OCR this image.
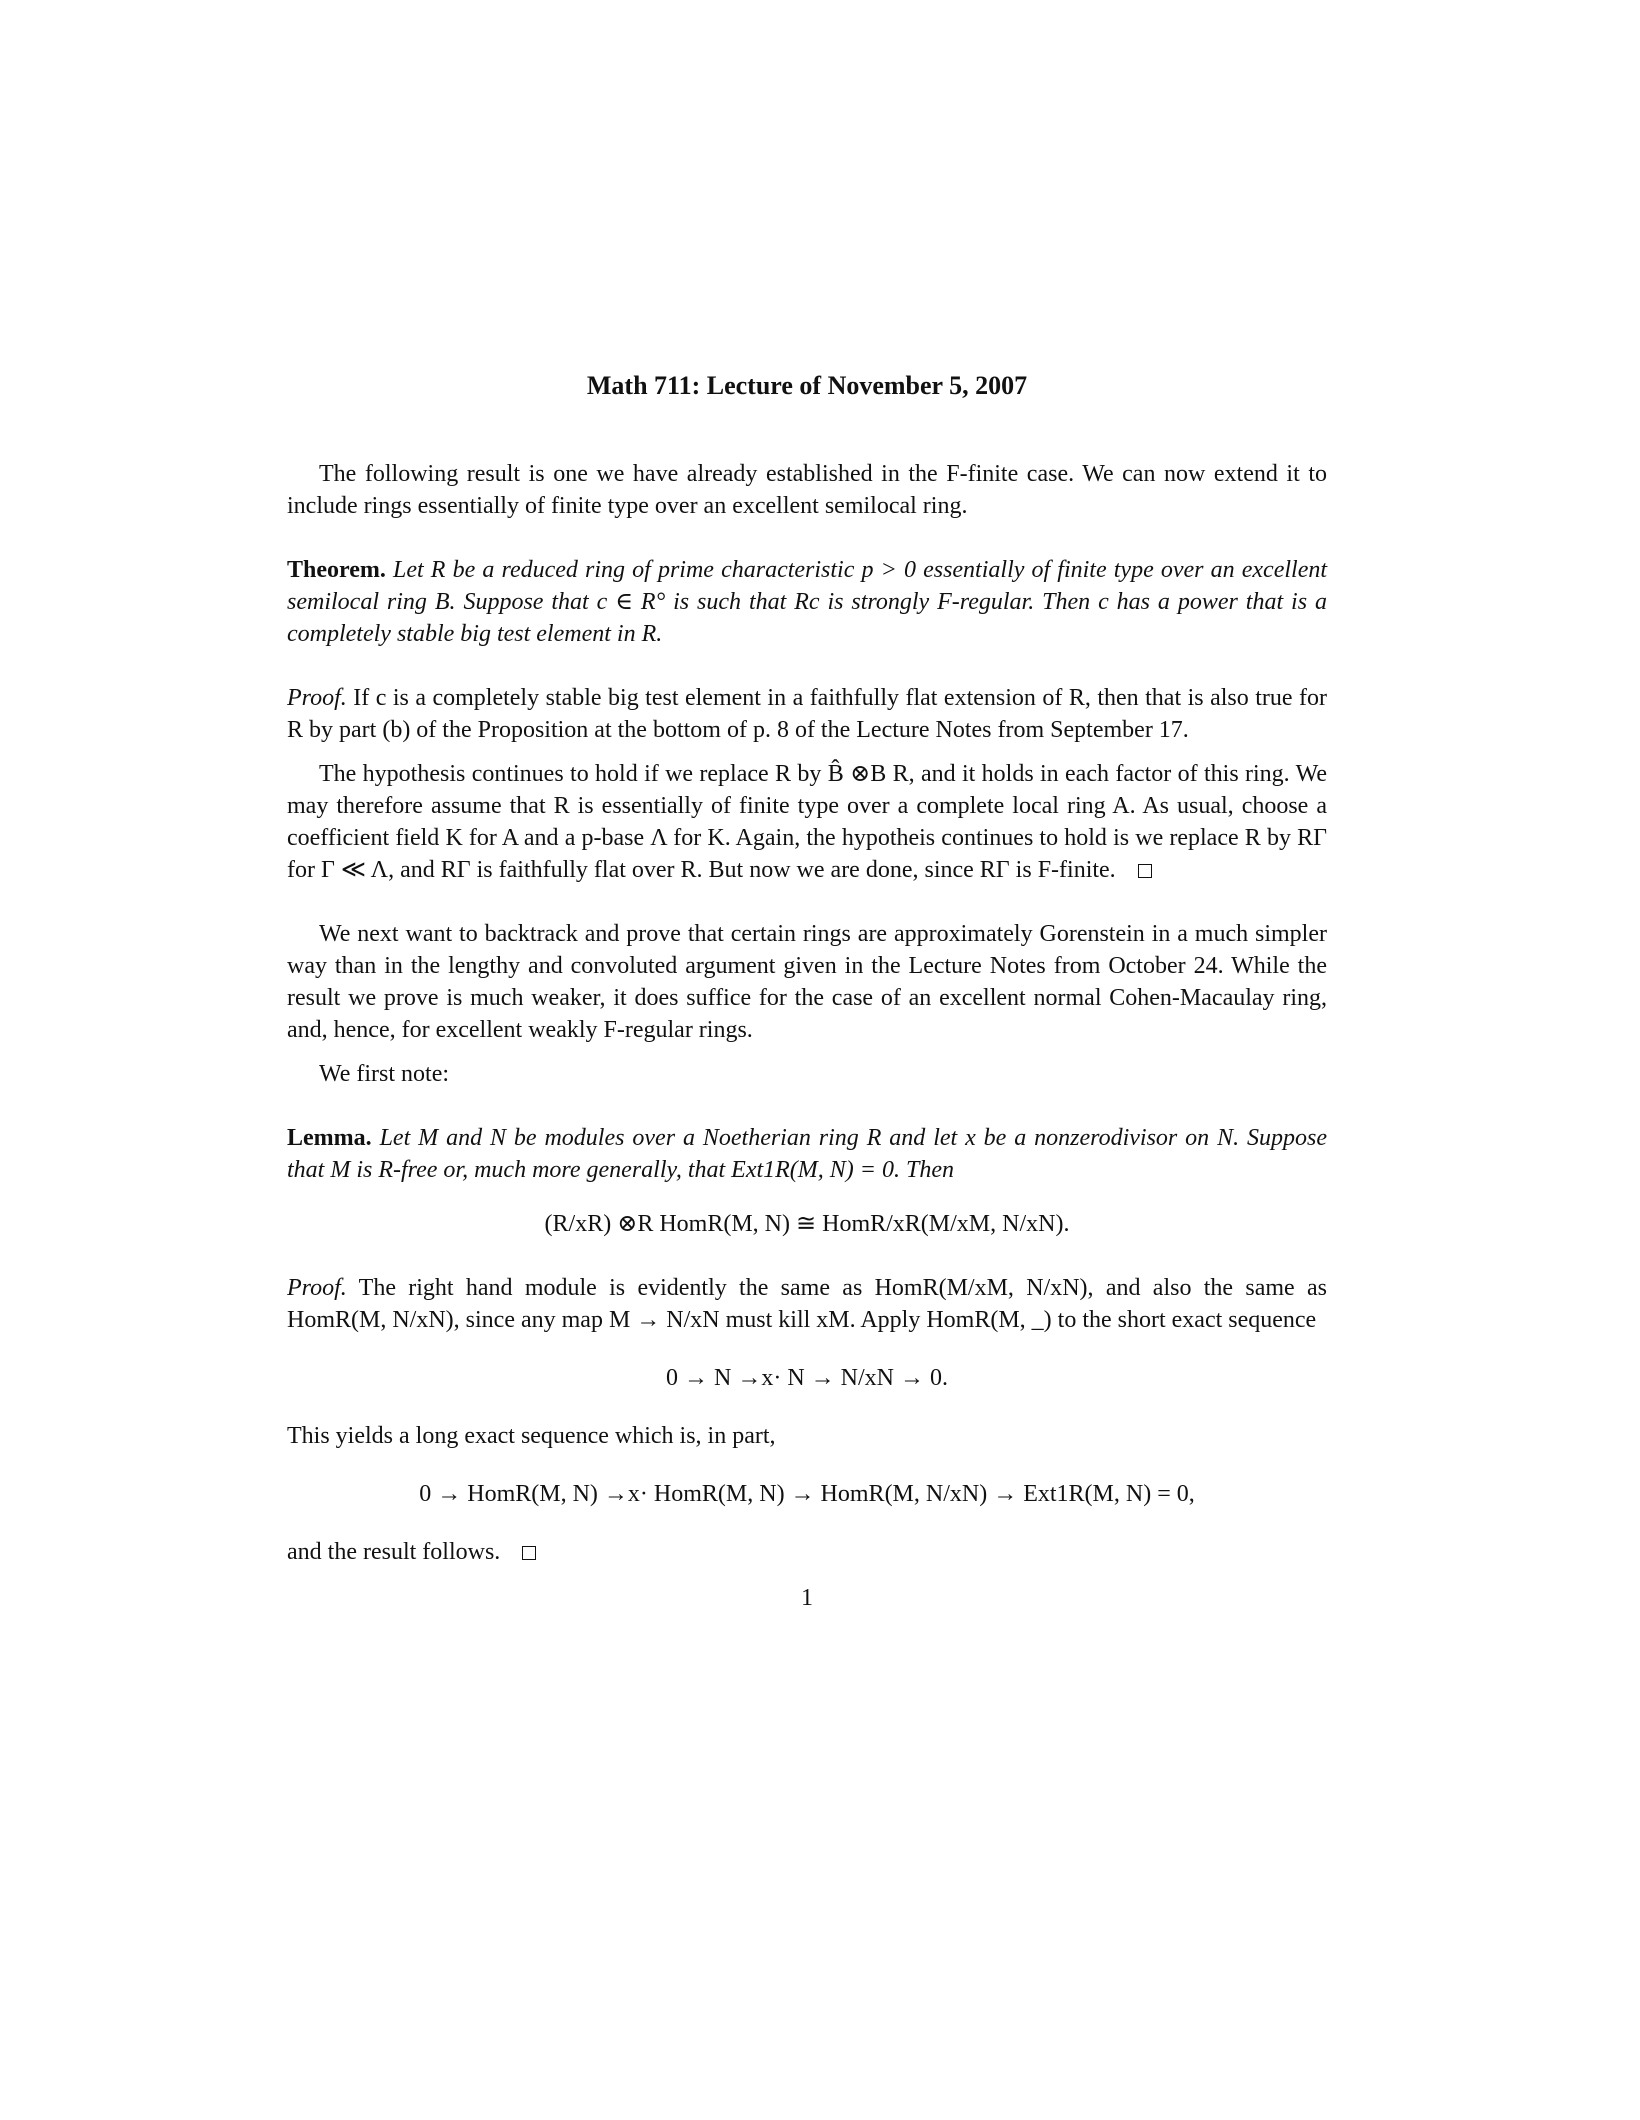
Math 711: Lecture of November 5, 2007

The following result is one we have already established in the F-finite case. We can now extend it to include rings essentially of finite type over an excellent semilocal ring.

Theorem. Let R be a reduced ring of prime characteristic p > 0 essentially of finite type over an excellent semilocal ring B. Suppose that c ∈ R° is such that Rc is strongly F-regular. Then c has a power that is a completely stable big test element in R.

Proof. If c is a completely stable big test element in a faithfully flat extension of R, then that is also true for R by part (b) of the Proposition at the bottom of p. 8 of the Lecture Notes from September 17.

The hypothesis continues to hold if we replace R by B̂ ⊗B R, and it holds in each factor of this ring. We may therefore assume that R is essentially of finite type over a complete local ring A. As usual, choose a coefficient field K for A and a p-base Λ for K. Again, the hypotheis continues to hold is we replace R by RΓ for Γ ≪ Λ, and RΓ is faithfully flat over R. But now we are done, since RΓ is F-finite.

We next want to backtrack and prove that certain rings are approximately Gorenstein in a much simpler way than in the lengthy and convoluted argument given in the Lecture Notes from October 24. While the result we prove is much weaker, it does suffice for the case of an excellent normal Cohen-Macaulay ring, and, hence, for excellent weakly F-regular rings.

We first note:

Lemma. Let M and N be modules over a Noetherian ring R and let x be a nonzerodivisor on N. Suppose that M is R-free or, much more generally, that Ext1R(M, N) = 0. Then

(R/xR) ⊗R HomR(M, N) ≅ HomR/xR(M/xM, N/xN).

Proof. The right hand module is evidently the same as HomR(M/xM, N/xN), and also the same as HomR(M, N/xN), since any map M → N/xN must kill xM. Apply HomR(M, _) to the short exact sequence

0 → N →x· N → N/xN → 0.

This yields a long exact sequence which is, in part,

0 → HomR(M, N) →x· HomR(M, N) → HomR(M, N/xN) → Ext1R(M, N) = 0,

and the result follows.

1
